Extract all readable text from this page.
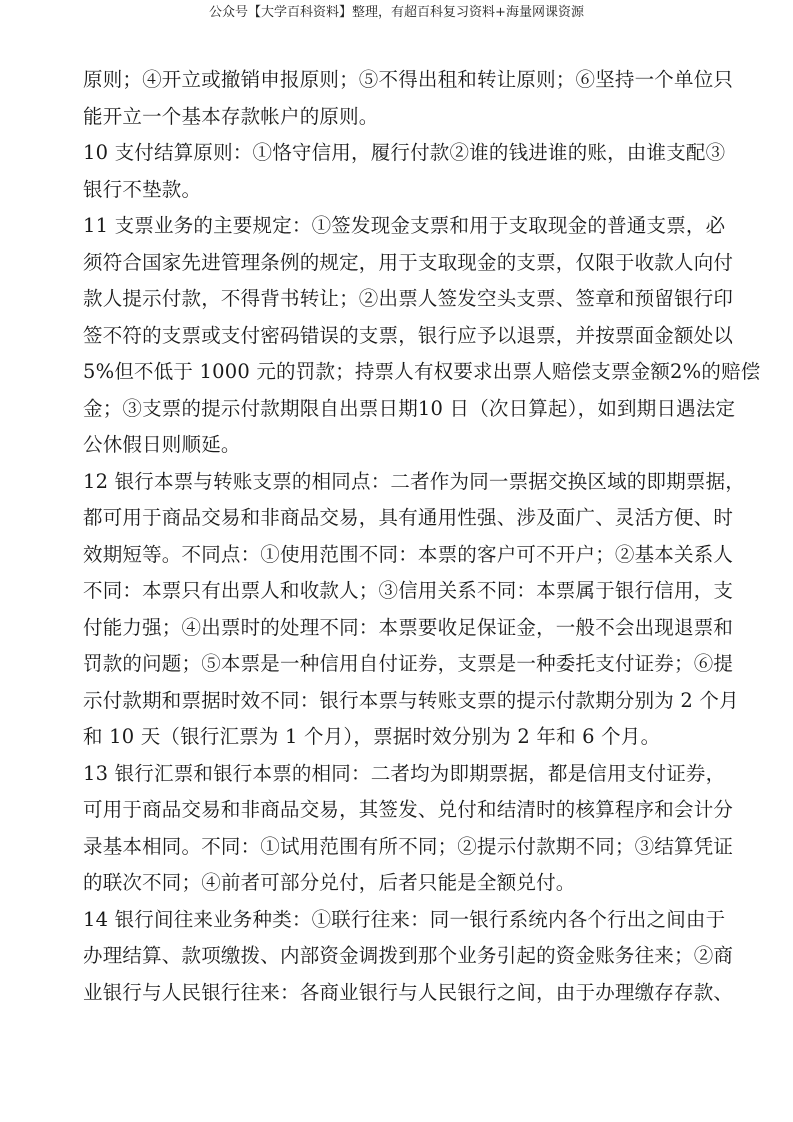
公众号【大学百科资料】整理，有超百科复习资料+海量网课资源
原则；④开立或撤销申报原则；⑤不得出租和转让原则；⑥坚持一个单位只
能开立一个基本存款帐户的原则。
10 支付结算原则：①恪守信用，履行付款②谁的钱进谁的账，由谁支配③
银行不垫款。
11 支票业务的主要规定：①签发现金支票和用于支取现金的普通支票，必
须符合国家先进管理条例的规定，用于支取现金的支票，仅限于收款人向付
款人提示付款，不得背书转让；②出票人签发空头支票、签章和预留银行印
签不符的支票或支付密码错误的支票，银行应予以退票，并按票面金额处以
5%但不低于 1000 元的罚款；持票人有权要求出票人赔偿支票金额2%的赔偿
金；③支票的提示付款期限自出票日期10 日（次日算起），如到期日遇法定
公休假日则顺延。
12 银行本票与转账支票的相同点：二者作为同一票据交换区域的即期票据，
都可用于商品交易和非商品交易，具有通用性强、涉及面广、灵活方便、时
效期短等。不同点：①使用范围不同：本票的客户可不开户；②基本关系人
不同：本票只有出票人和收款人；③信用关系不同：本票属于银行信用，支
付能力强；④出票时的处理不同：本票要收足保证金，一般不会出现退票和
罚款的问题；⑤本票是一种信用自付证券，支票是一种委托支付证券；⑥提
示付款期和票据时效不同：银行本票与转账支票的提示付款期分别为 2 个月
和 10 天（银行汇票为 1 个月），票据时效分别为 2 年和 6 个月。
13 银行汇票和银行本票的相同：二者均为即期票据，都是信用支付证券，
可用于商品交易和非商品交易，其签发、兑付和结清时的核算程序和会计分
录基本相同。不同：①试用范围有所不同；②提示付款期不同；③结算凭证
的联次不同；④前者可部分兑付，后者只能是全额兑付。
14 银行间往来业务种类：①联行往来：同一银行系统内各个行出之间由于
办理结算、款项缴拨、内部资金调拨到那个业务引起的资金账务往来；②商
业银行与人民银行往来：各商业银行与人民银行之间，由于办理缴存存款、
